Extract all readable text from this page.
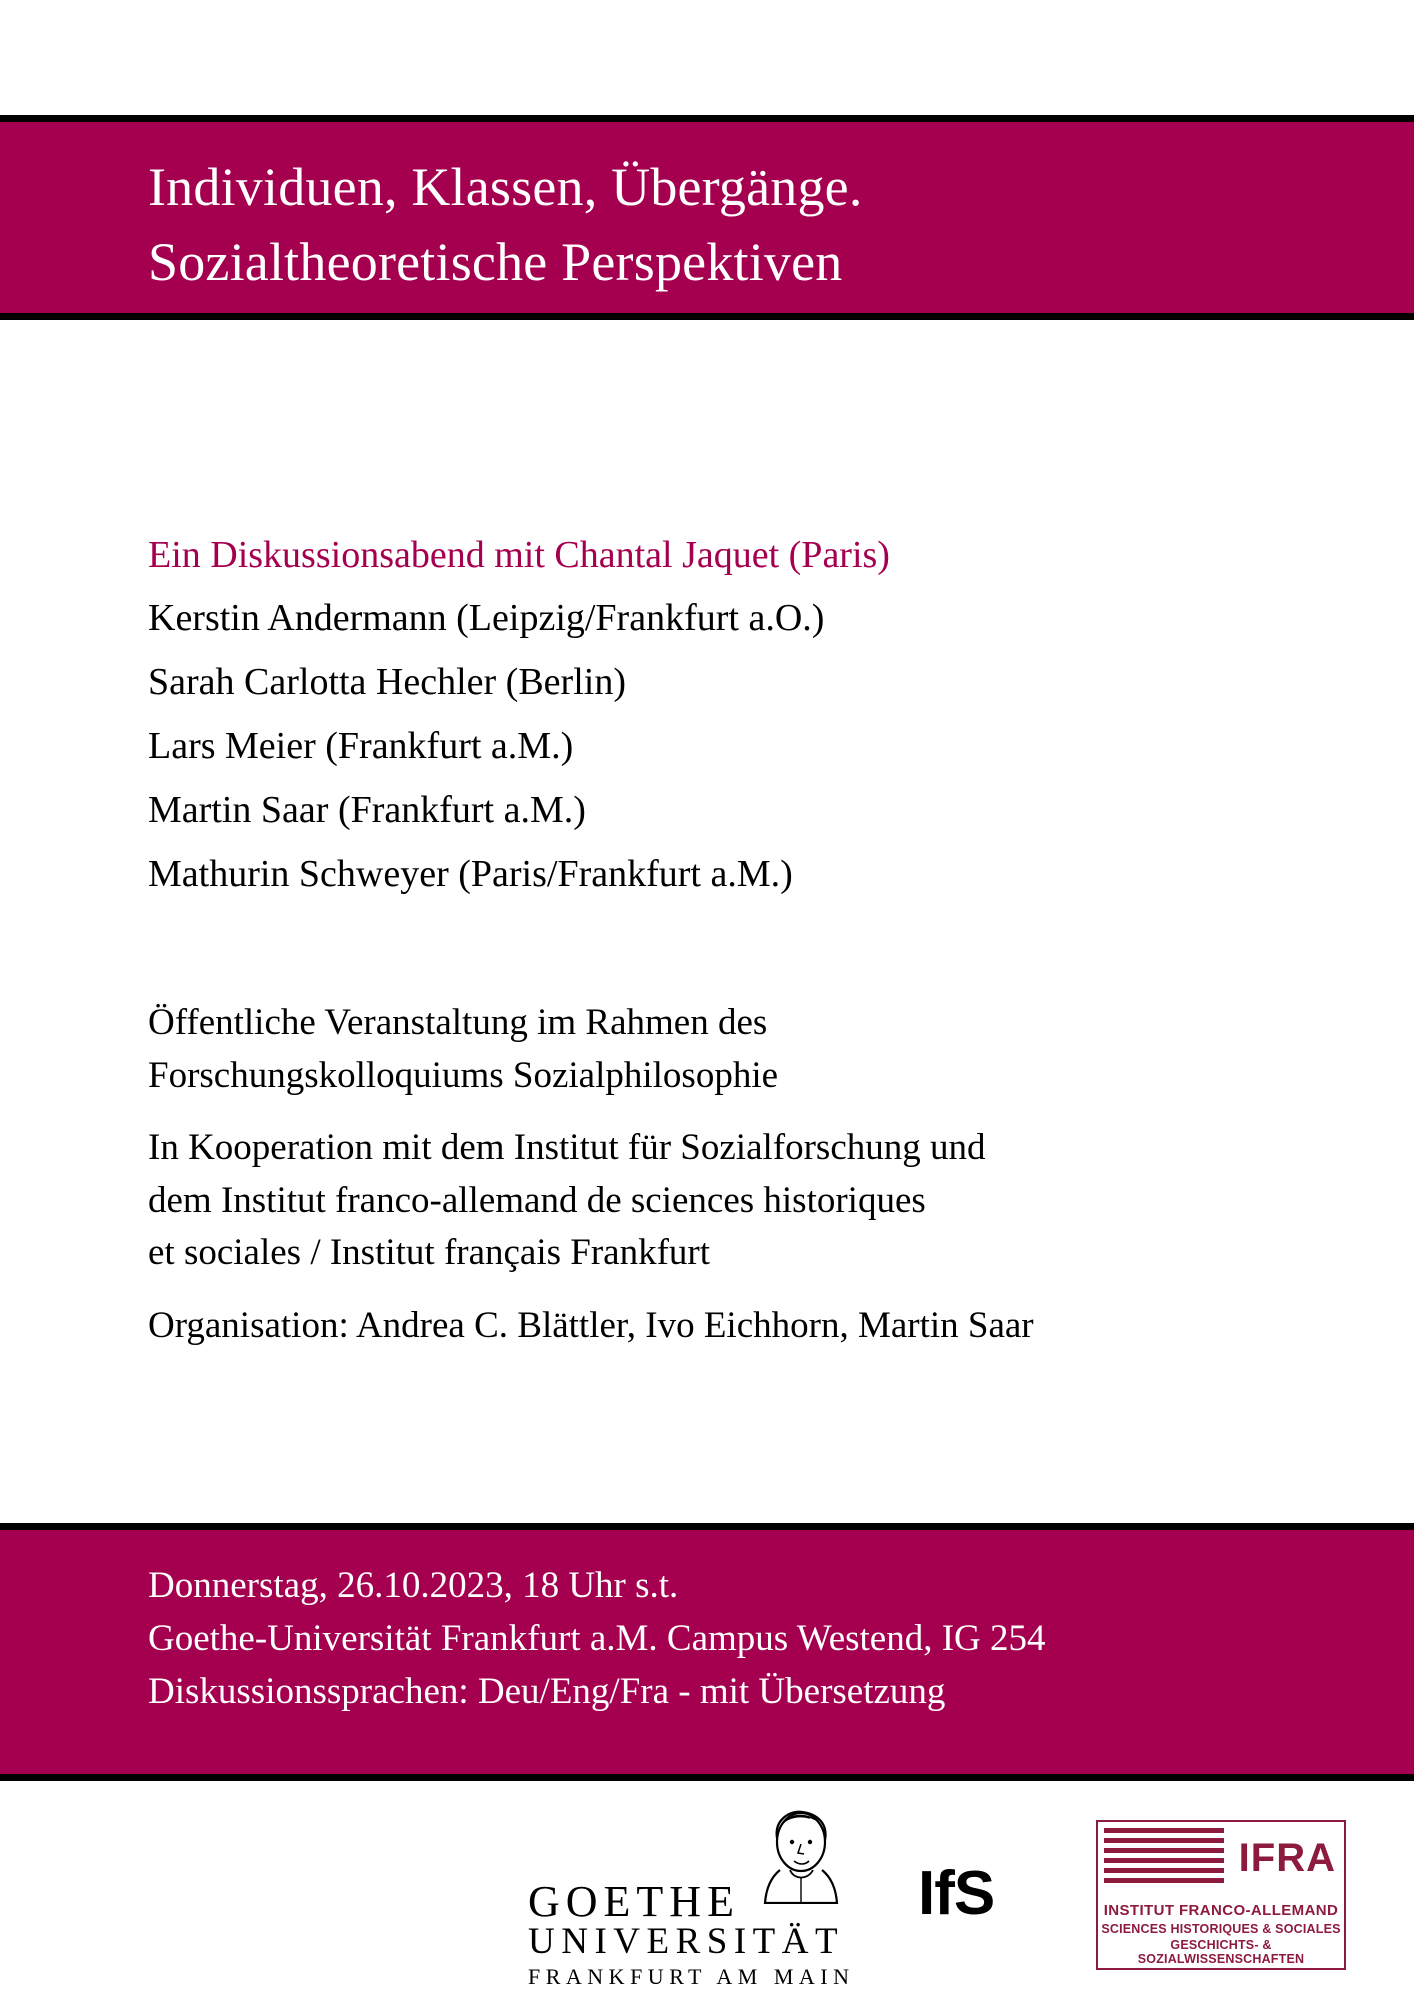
Individuen, Klassen, Übergänge.
Sozialtheoretische Perspektiven
Ein Diskussionsabend mit Chantal Jaquet (Paris)
Kerstin Andermann (Leipzig/Frankfurt a.O.)
Sarah Carlotta Hechler (Berlin)
Lars Meier (Frankfurt a.M.)
Martin Saar (Frankfurt a.M.)
Mathurin Schweyer (Paris/Frankfurt a.M.)
Öffentliche Veranstaltung im Rahmen des
Forschungskolloquiums Sozialphilosophie
In Kooperation mit dem Institut für Sozialforschung und
dem Institut franco-allemand de sciences historiques
et sociales / Institut français Frankfurt
Organisation: Andrea C. Blättler, Ivo Eichhorn, Martin Saar
Donnerstag, 26.10.2023, 18 Uhr s.t.
Goethe-Universität Frankfurt a.M. Campus Westend, IG 254
Diskussionssprachen: Deu/Eng/Fra - mit Übersetzung
GOETHE
UNIVERSITÄT
FRANKFURT AM MAIN
IfS
IFRA
INSTITUT FRANCO-ALLEMAND
SCIENCES HISTORIQUES & SOCIALES
GESCHICHTS- & SOZIALWISSENSCHAFTEN
